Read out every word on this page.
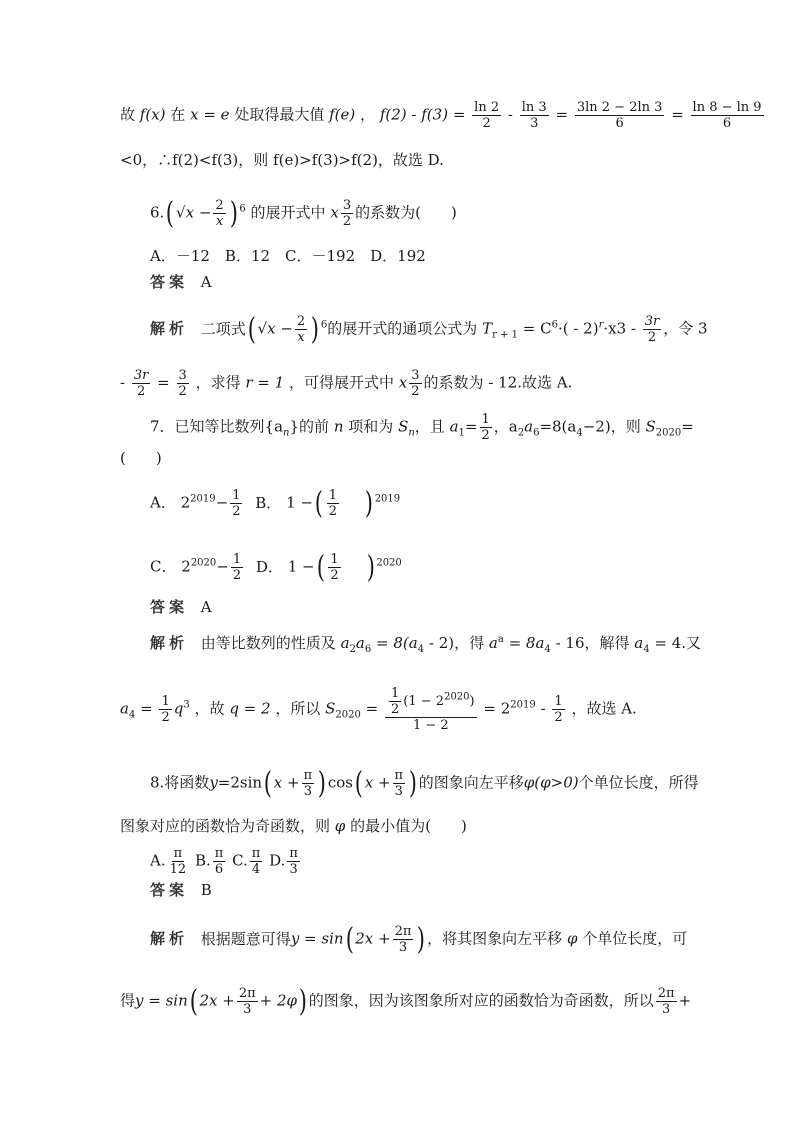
故 f(x) 在 x = e 处取得最大值 f(e) ， $f(2) - f(3) = \frac{\ln 2}{2} - \frac{\ln 3}{3} = \frac{3\ln 2 - 2\ln 3}{6} = \frac{\ln 8 - \ln 9}{6}$
<0，∴f(2)<f(3)，则 f(e)>f(3)>f(2)，故选 D.
6.( $√x - \frac{2}{x}$ ) $^6$ 的展开式中 x $\frac{3}{2}$ 的系数为(　　)
A．－12　B．12　C．－192　D．192
答案 A
解析 二项式( $√x - \frac{2}{x}$ ) $^6$的展开式的通项公式为 $T_{r + 1} = C^6\cdot( - 2)^r\cdot x3 - \frac{3r}{2}$ ，令 3
- $\frac{3r}{2} = \frac{3}{2}$ ，求得 r = 1 ，可得展开式中 x $\frac{3}{2}$ 的系数为 - 12.故选 A.
7．已知等比数列$\{a_n\}$的前 n 项和为 $S_n$，且 $a_1= \frac{1}{2}$ ，$a_2a_6=8(a_4-2)$，则 $S_{2020}=$
(　　)
A． $2^{2019}- \frac{1}{2}$ B． 1 −( $\frac{1}{2}$ ) $^{2019}$
C． $2^{2020}- \frac{1}{2}$ D． 1 −( $\frac{1}{2}$ ) $^{2020}$
答案 A
解析 由等比数列的性质及 $a_2a_6 = 8(a_4 - 2)$，得 $a^a = 8a_4 - 16$，解得 $a_4 = 4$.又
$a_4 = \frac{1}{2} q^3$ ，故 q = 2 ，所以 $S_{2020} = \frac{\frac{1}{2} (1 - 2^{2020})}{1 - 2} = 2^{2019} - \frac{1}{2}$ ，故选 A.
8.将函数y=2sin( $x + \frac{\pi}{3}$ ) cos( $x + \frac{\pi}{3}$ ) 的图象向左平移φ(φ>0)个单位长度，所得
图象对应的函数恰为奇函数，则 φ 的最小值为(　　)
A. $\frac{\pi}{12} B$. $\frac{\pi}{6} C$. $\frac{\pi}{4} D$. $\frac{\pi}{3}$
答案 B
解析 根据题意可得y = sin( $2x + \frac{2\pi}{3}$ ) ，将其图象向左平移 φ 个单位长度，可
得y = sin( $2x + \frac{2\pi}{3} + 2\varphi$) 的图象，因为该图象所对应的函数恰为奇函数，所以 $\frac{2\pi}{3}$ +
